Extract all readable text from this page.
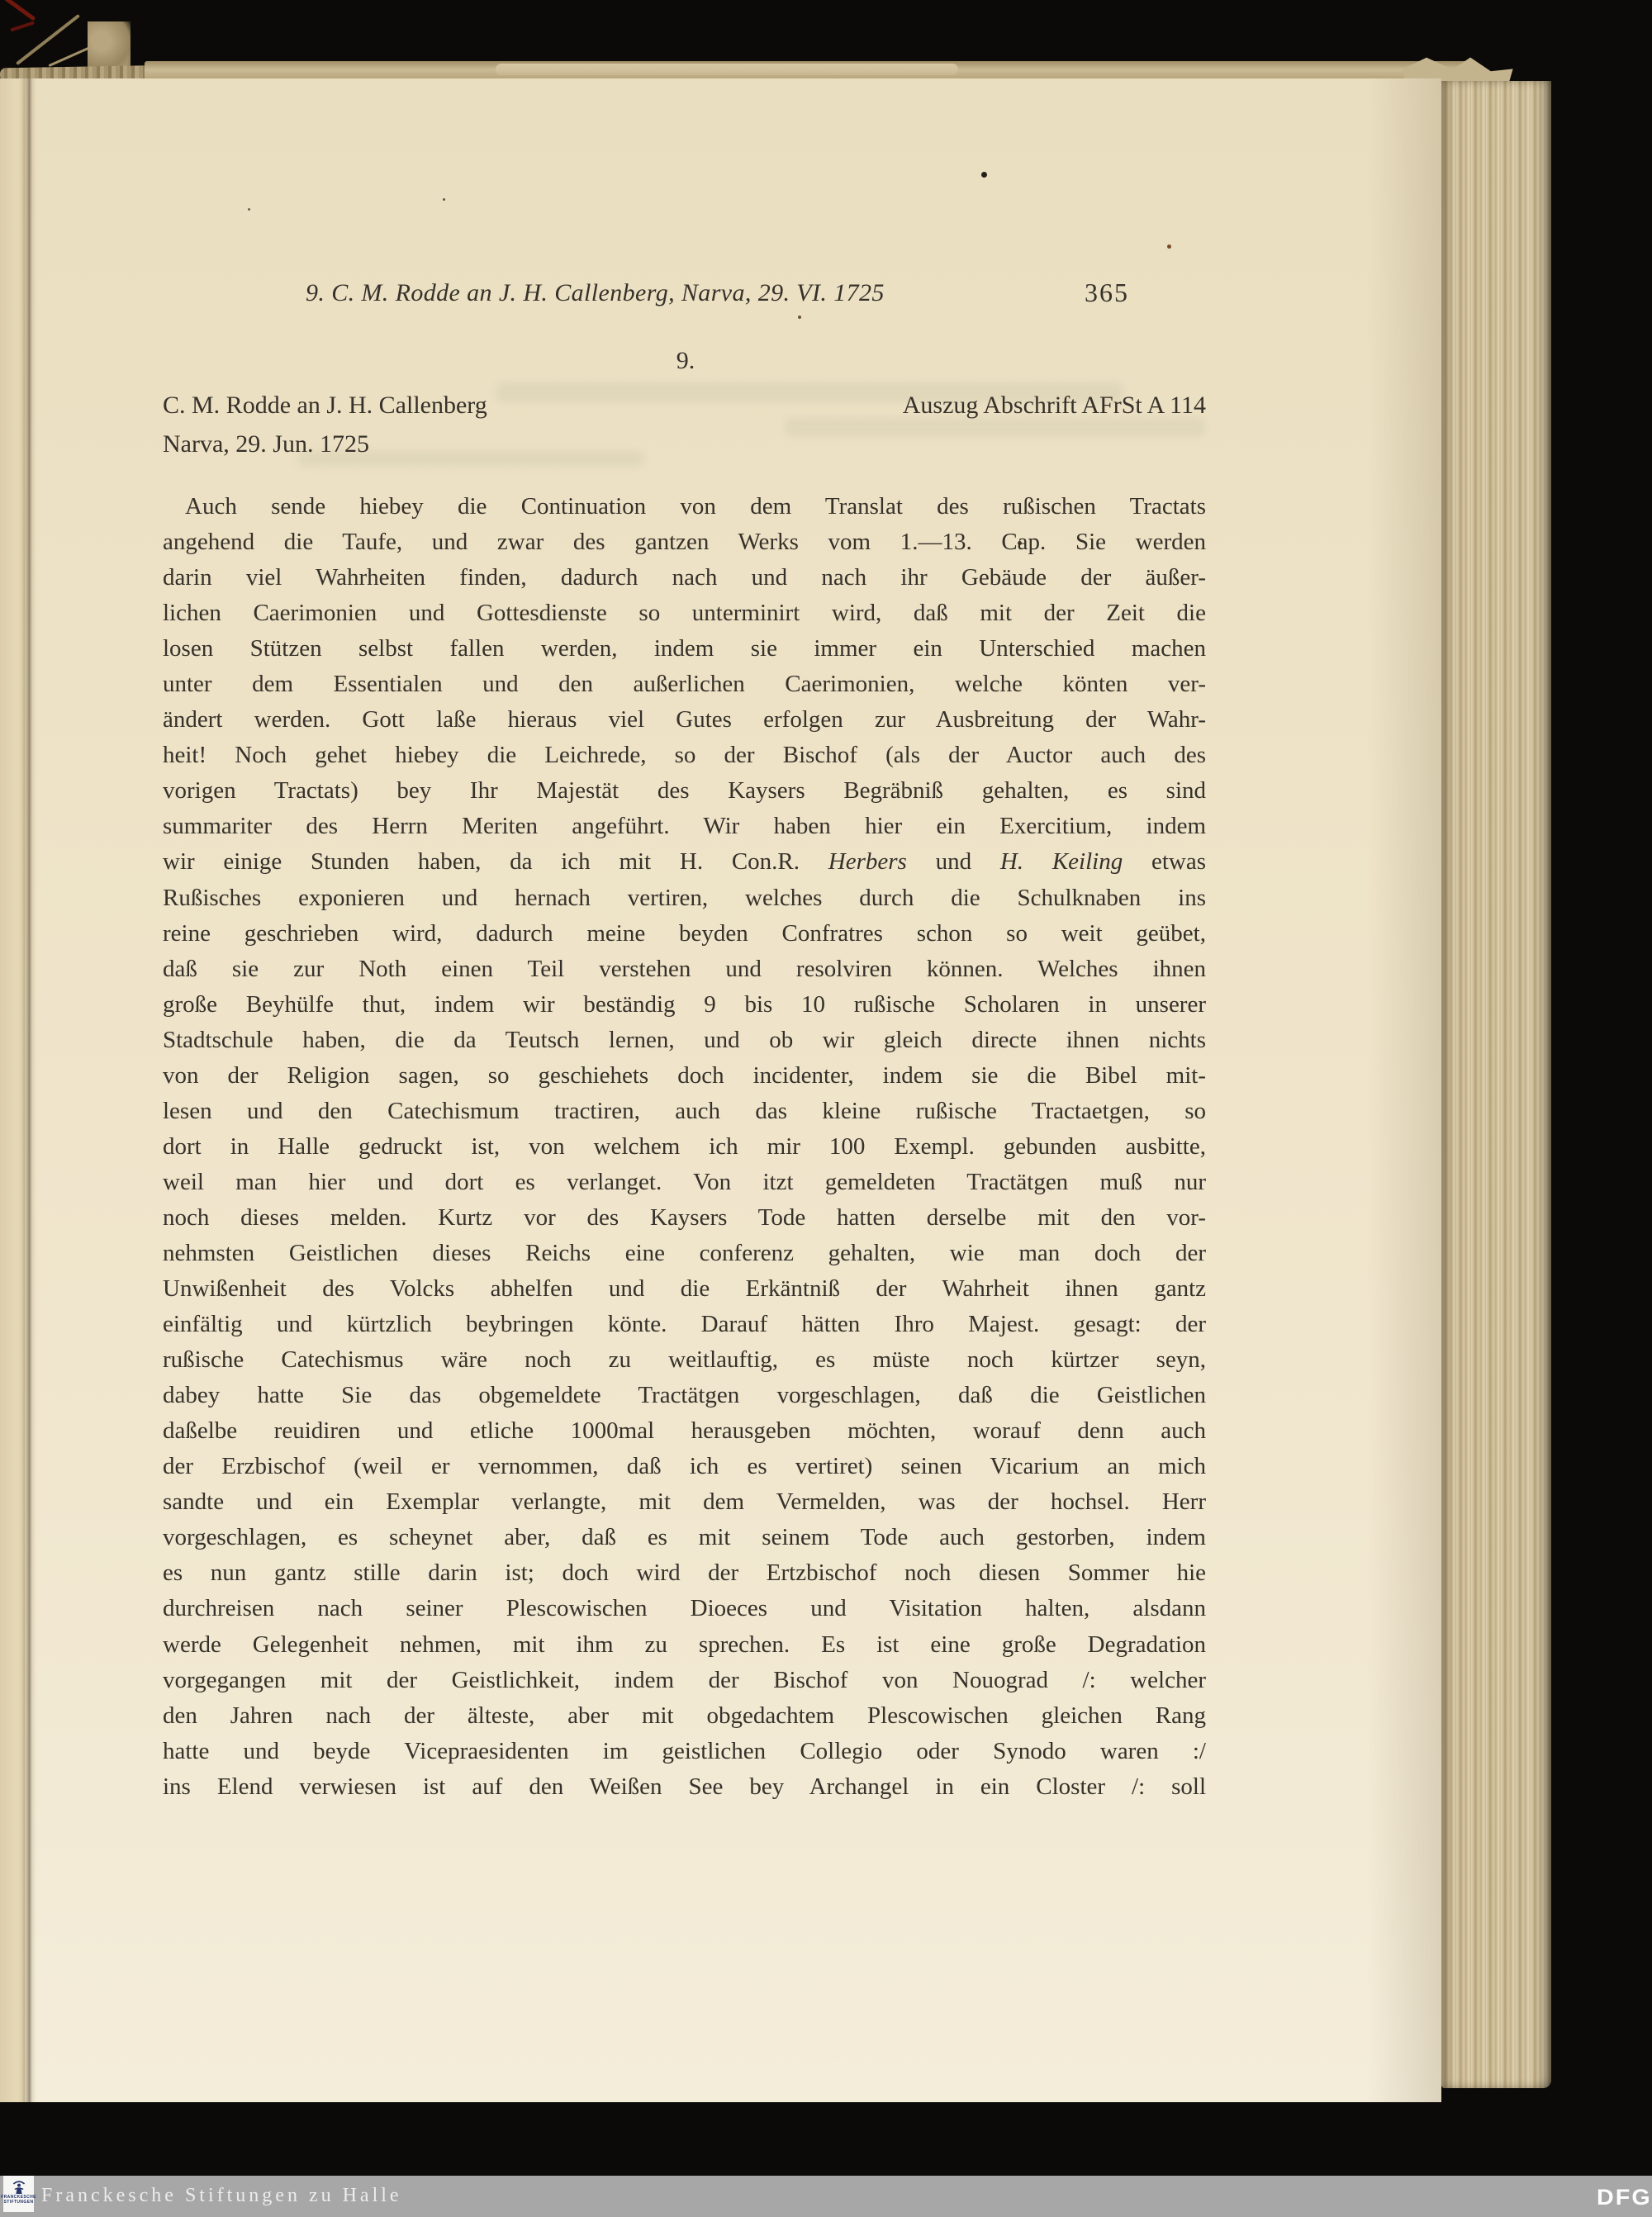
9. C. M. Rodde an J. H. Callenberg, Narva, 29. VI. 1725	365
9.
C. M. Rodde an J. H. Callenberg	Auszug Abschrift AFrSt A 114
Narva, 29. Jun. 1725
Auch sende hiebey die Continuation von dem Translat des rußischen Tractats
angehend die Taufe, und zwar des gantzen Werks vom 1.—13. Cap. Sie werden
darin viel Wahrheiten finden, dadurch nach und nach ihr Gebäude der äußer-
lichen Caerimonien und Gottesdienste so unterminirt wird, daß mit der Zeit die
losen Stützen selbst fallen werden, indem sie immer ein Unterschied machen
unter dem Essentialen und den außerlichen Caerimonien, welche könten ver-
ändert werden. Gott laße hieraus viel Gutes erfolgen zur Ausbreitung der Wahr-
heit! Noch gehet hiebey die Leichrede, so der Bischof (als der Auctor auch des
vorigen Tractats) bey Ihr Majestät des Kaysers Begräbniß gehalten, es sind
summariter des Herrn Meriten angeführt. Wir haben hier ein Exercitium, indem
wir einige Stunden haben, da ich mit H. Con.R. Herbers und H. Keiling etwas
Rußisches exponieren und hernach vertiren, welches durch die Schulknaben ins
reine geschrieben wird, dadurch meine beyden Confratres schon so weit geübet,
daß sie zur Noth einen Teil verstehen und resolviren können. Welches ihnen
große Beyhülfe thut, indem wir beständig 9 bis 10 rußische Scholaren in unserer
Stadtschule haben, die da Teutsch lernen, und ob wir gleich directe ihnen nichts
von der Religion sagen, so geschiehets doch incidenter, indem sie die Bibel mit-
lesen und den Catechismum tractiren, auch das kleine rußische Tractaetgen, so
dort in Halle gedruckt ist, von welchem ich mir 100 Exempl. gebunden ausbitte,
weil man hier und dort es verlanget. Von itzt gemeldeten Tractätgen muß nur
noch dieses melden. Kurtz vor des Kaysers Tode hatten derselbe mit den vor-
nehmsten Geistlichen dieses Reichs eine conferenz gehalten, wie man doch der
Unwißenheit des Volcks abhelfen und die Erkäntniß der Wahrheit ihnen gantz
einfältig und kürtzlich beybringen könte. Darauf hätten Ihro Majest. gesagt: der
rußische Catechismus wäre noch zu weitlauftig, es müste noch kürtzer seyn,
dabey hatte Sie das obgemeldete Tractätgen vorgeschlagen, daß die Geistlichen
daßelbe reuidiren und etliche 1000mal herausgeben möchten, worauf denn auch
der Erzbischof (weil er vernommen, daß ich es vertiret) seinen Vicarium an mich
sandte und ein Exemplar verlangte, mit dem Vermelden, was der hochsel. Herr
vorgeschlagen, es scheynet aber, daß es mit seinem Tode auch gestorben, indem
es nun gantz stille darin ist; doch wird der Ertzbischof noch diesen Sommer hie
durchreisen nach seiner Plescowischen Dioeces und Visitation halten, alsdann
werde Gelegenheit nehmen, mit ihm zu sprechen. Es ist eine große Degradation
vorgegangen mit der Geistlichkeit, indem der Bischof von Nouograd /: welcher
den Jahren nach der älteste, aber mit obgedachtem Plescowischen gleichen Rang
hatte und beyde Vicepraesidenten im geistlichen Collegio oder Synodo waren :/
ins Elend verwiesen ist auf den Weißen See bey Archangel in ein Closter /: soll
FRANCKESCHE
STIFTUNGEN Franckesche Stiftungen zu Halle	DFG
